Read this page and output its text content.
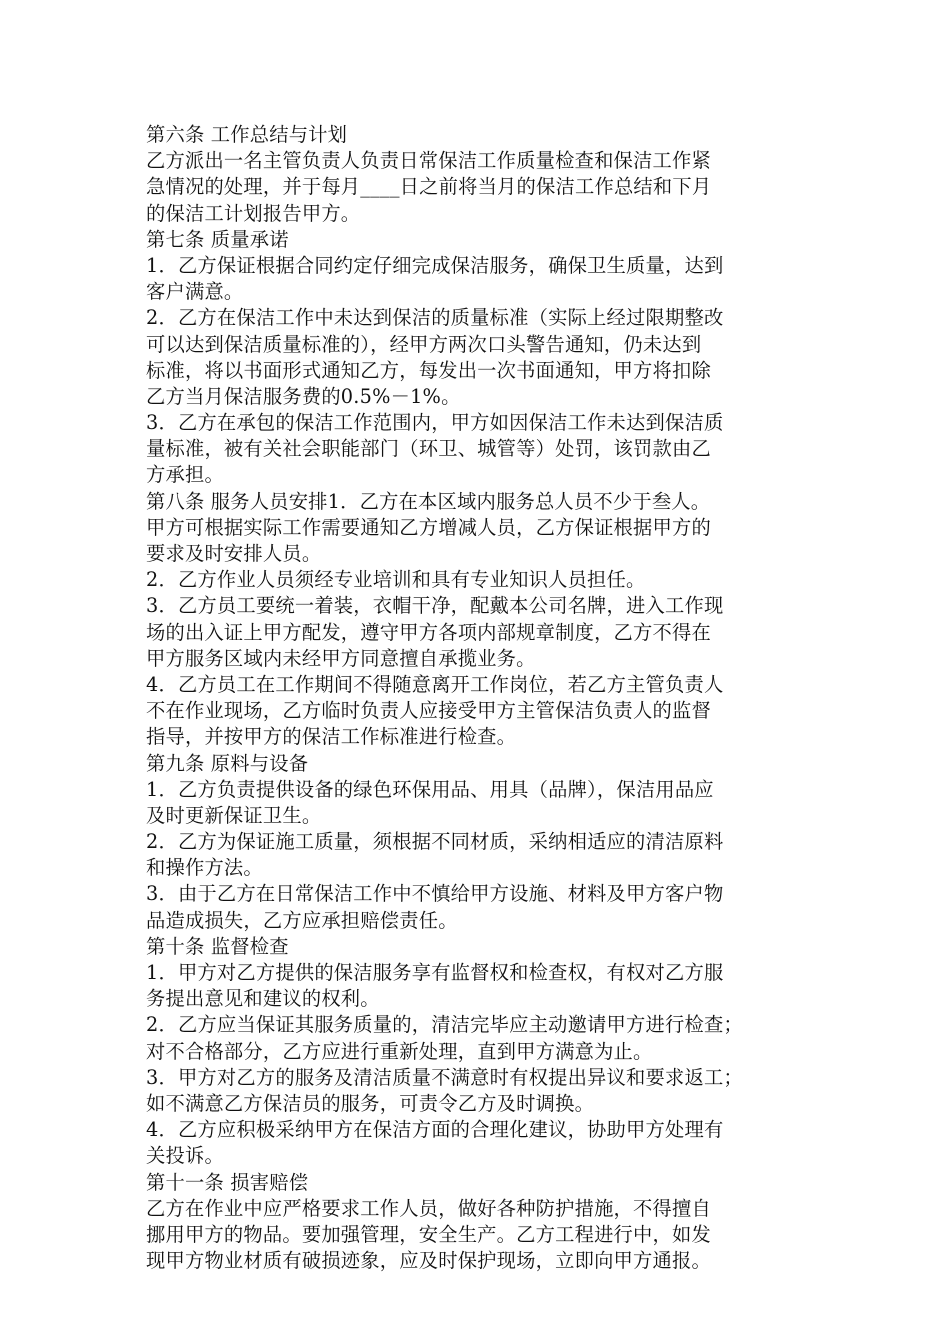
第六条 工作总结与计划
乙方派出一名主管负责人负责日常保洁工作质量检查和保洁工作紧
急情况的处理，并于每月____日之前将当月的保洁工作总结和下月
的保洁工计划报告甲方。
第七条 质量承诺
1．乙方保证根据合同约定仔细完成保洁服务，确保卫生质量，达到
客户满意。
2．乙方在保洁工作中未达到保洁的质量标准（实际上经过限期整改
可以达到保洁质量标准的），经甲方两次口头警告通知，仍未达到
标准，将以书面形式通知乙方，每发出一次书面通知，甲方将扣除
乙方当月保洁服务费的0.5%－1%。
3．乙方在承包的保洁工作范围内，甲方如因保洁工作未达到保洁质
量标准，被有关社会职能部门（环卫、城管等）处罚，该罚款由乙
方承担。
第八条 服务人员安排1．乙方在本区域内服务总人员不少于叁人。
甲方可根据实际工作需要通知乙方增减人员，乙方保证根据甲方的
要求及时安排人员。
2．乙方作业人员须经专业培训和具有专业知识人员担任。
3．乙方员工要统一着装，衣帽干净，配戴本公司名牌，进入工作现
场的出入证上甲方配发，遵守甲方各项内部规章制度，乙方不得在
甲方服务区域内未经甲方同意擅自承揽业务。
4．乙方员工在工作期间不得随意离开工作岗位，若乙方主管负责人
不在作业现场，乙方临时负责人应接受甲方主管保洁负责人的监督
指导，并按甲方的保洁工作标准进行检查。
第九条 原料与设备
1．乙方负责提供设备的绿色环保用品、用具（品牌），保洁用品应
及时更新保证卫生。
2．乙方为保证施工质量，须根据不同材质，采纳相适应的清洁原料
和操作方法。
3．由于乙方在日常保洁工作中不慎给甲方设施、材料及甲方客户物
品造成损失，乙方应承担赔偿责任。
第十条 监督检查
1．甲方对乙方提供的保洁服务享有监督权和检查权，有权对乙方服
务提出意见和建议的权利。
2．乙方应当保证其服务质量的，清洁完毕应主动邀请甲方进行检查；
对不合格部分，乙方应进行重新处理，直到甲方满意为止。
3．甲方对乙方的服务及清洁质量不满意时有权提出异议和要求返工；
如不满意乙方保洁员的服务，可责令乙方及时调换。
4．乙方应积极采纳甲方在保洁方面的合理化建议，协助甲方处理有
关投诉。
第十一条 损害赔偿
乙方在作业中应严格要求工作人员，做好各种防护措施，不得擅自
挪用甲方的物品。要加强管理，安全生产。乙方工程进行中，如发
现甲方物业材质有破损迹象，应及时保护现场，立即向甲方通报。
